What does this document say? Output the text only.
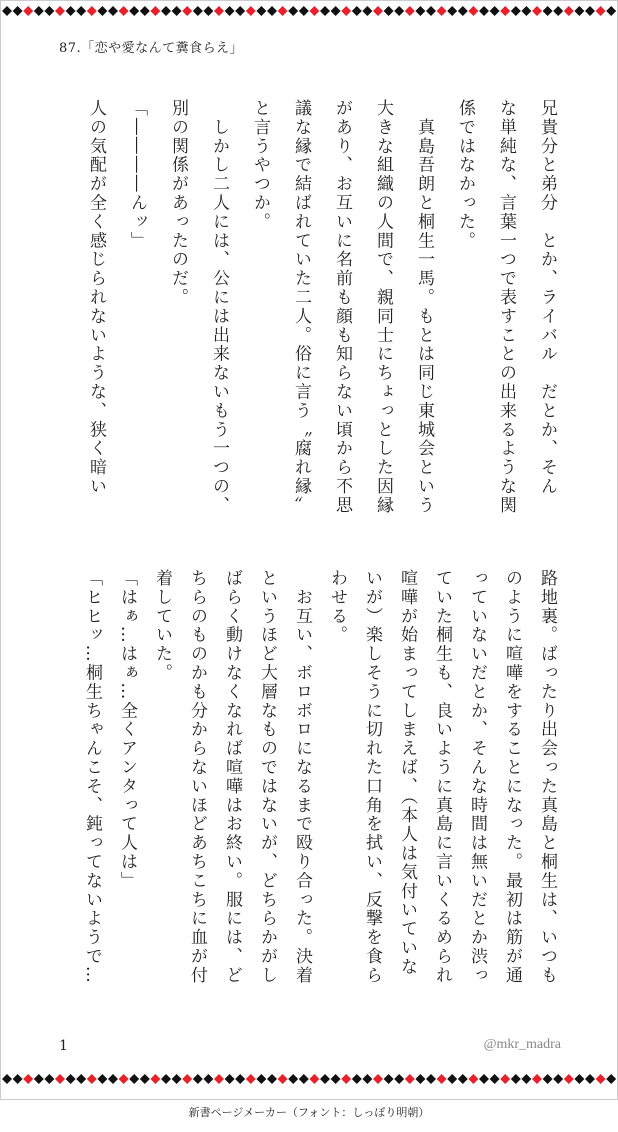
87.「恋や愛なんて糞食らえ」
兄貴分と弟分　とか、ライバル　だとか、そん
な単純な、言葉一つで表すことの出来るような関
係ではなかった。
　真島吾朗と桐生一馬。もとは同じ東城会という
大きな組織の人間で、親同士にちょっとした因縁
があり、お互いに名前も顔も知らない頃から不思
議な縁で結ばれていた二人。俗に言う〝腐れ縁〟
と言うやつか。
　しかし二人には、公には出来ないもう一つの、
別の関係があったのだ。
「――――んッ」
人の気配が全く感じられないような、狭く暗い
路地裏。ばったり出会った真島と桐生は、いつも
のように喧嘩をすることになった。最初は筋が通
っていないだとか、そんな時間は無いだとか渋っ
ていた桐生も、良いように真島に言いくるめられ
喧嘩が始まってしまえば、（本人は気付いていな
いが）楽しそうに切れた口角を拭い、反撃を食ら
わせる。
　お互い、ボロボロになるまで殴り合った。決着
というほど大層なものではないが、どちらかがし
ばらく動けなくなれば喧嘩はお終い。服には、ど
ちらのものかも分からないほどあちこちに血が付
着していた。
「はぁ…はぁ…全くアンタって人は」
「ヒヒッ…桐生ちゃんこそ、鈍ってないようで…
1	@mkr_madra
新書ページメーカー（フォント：しっぽり明朝）
